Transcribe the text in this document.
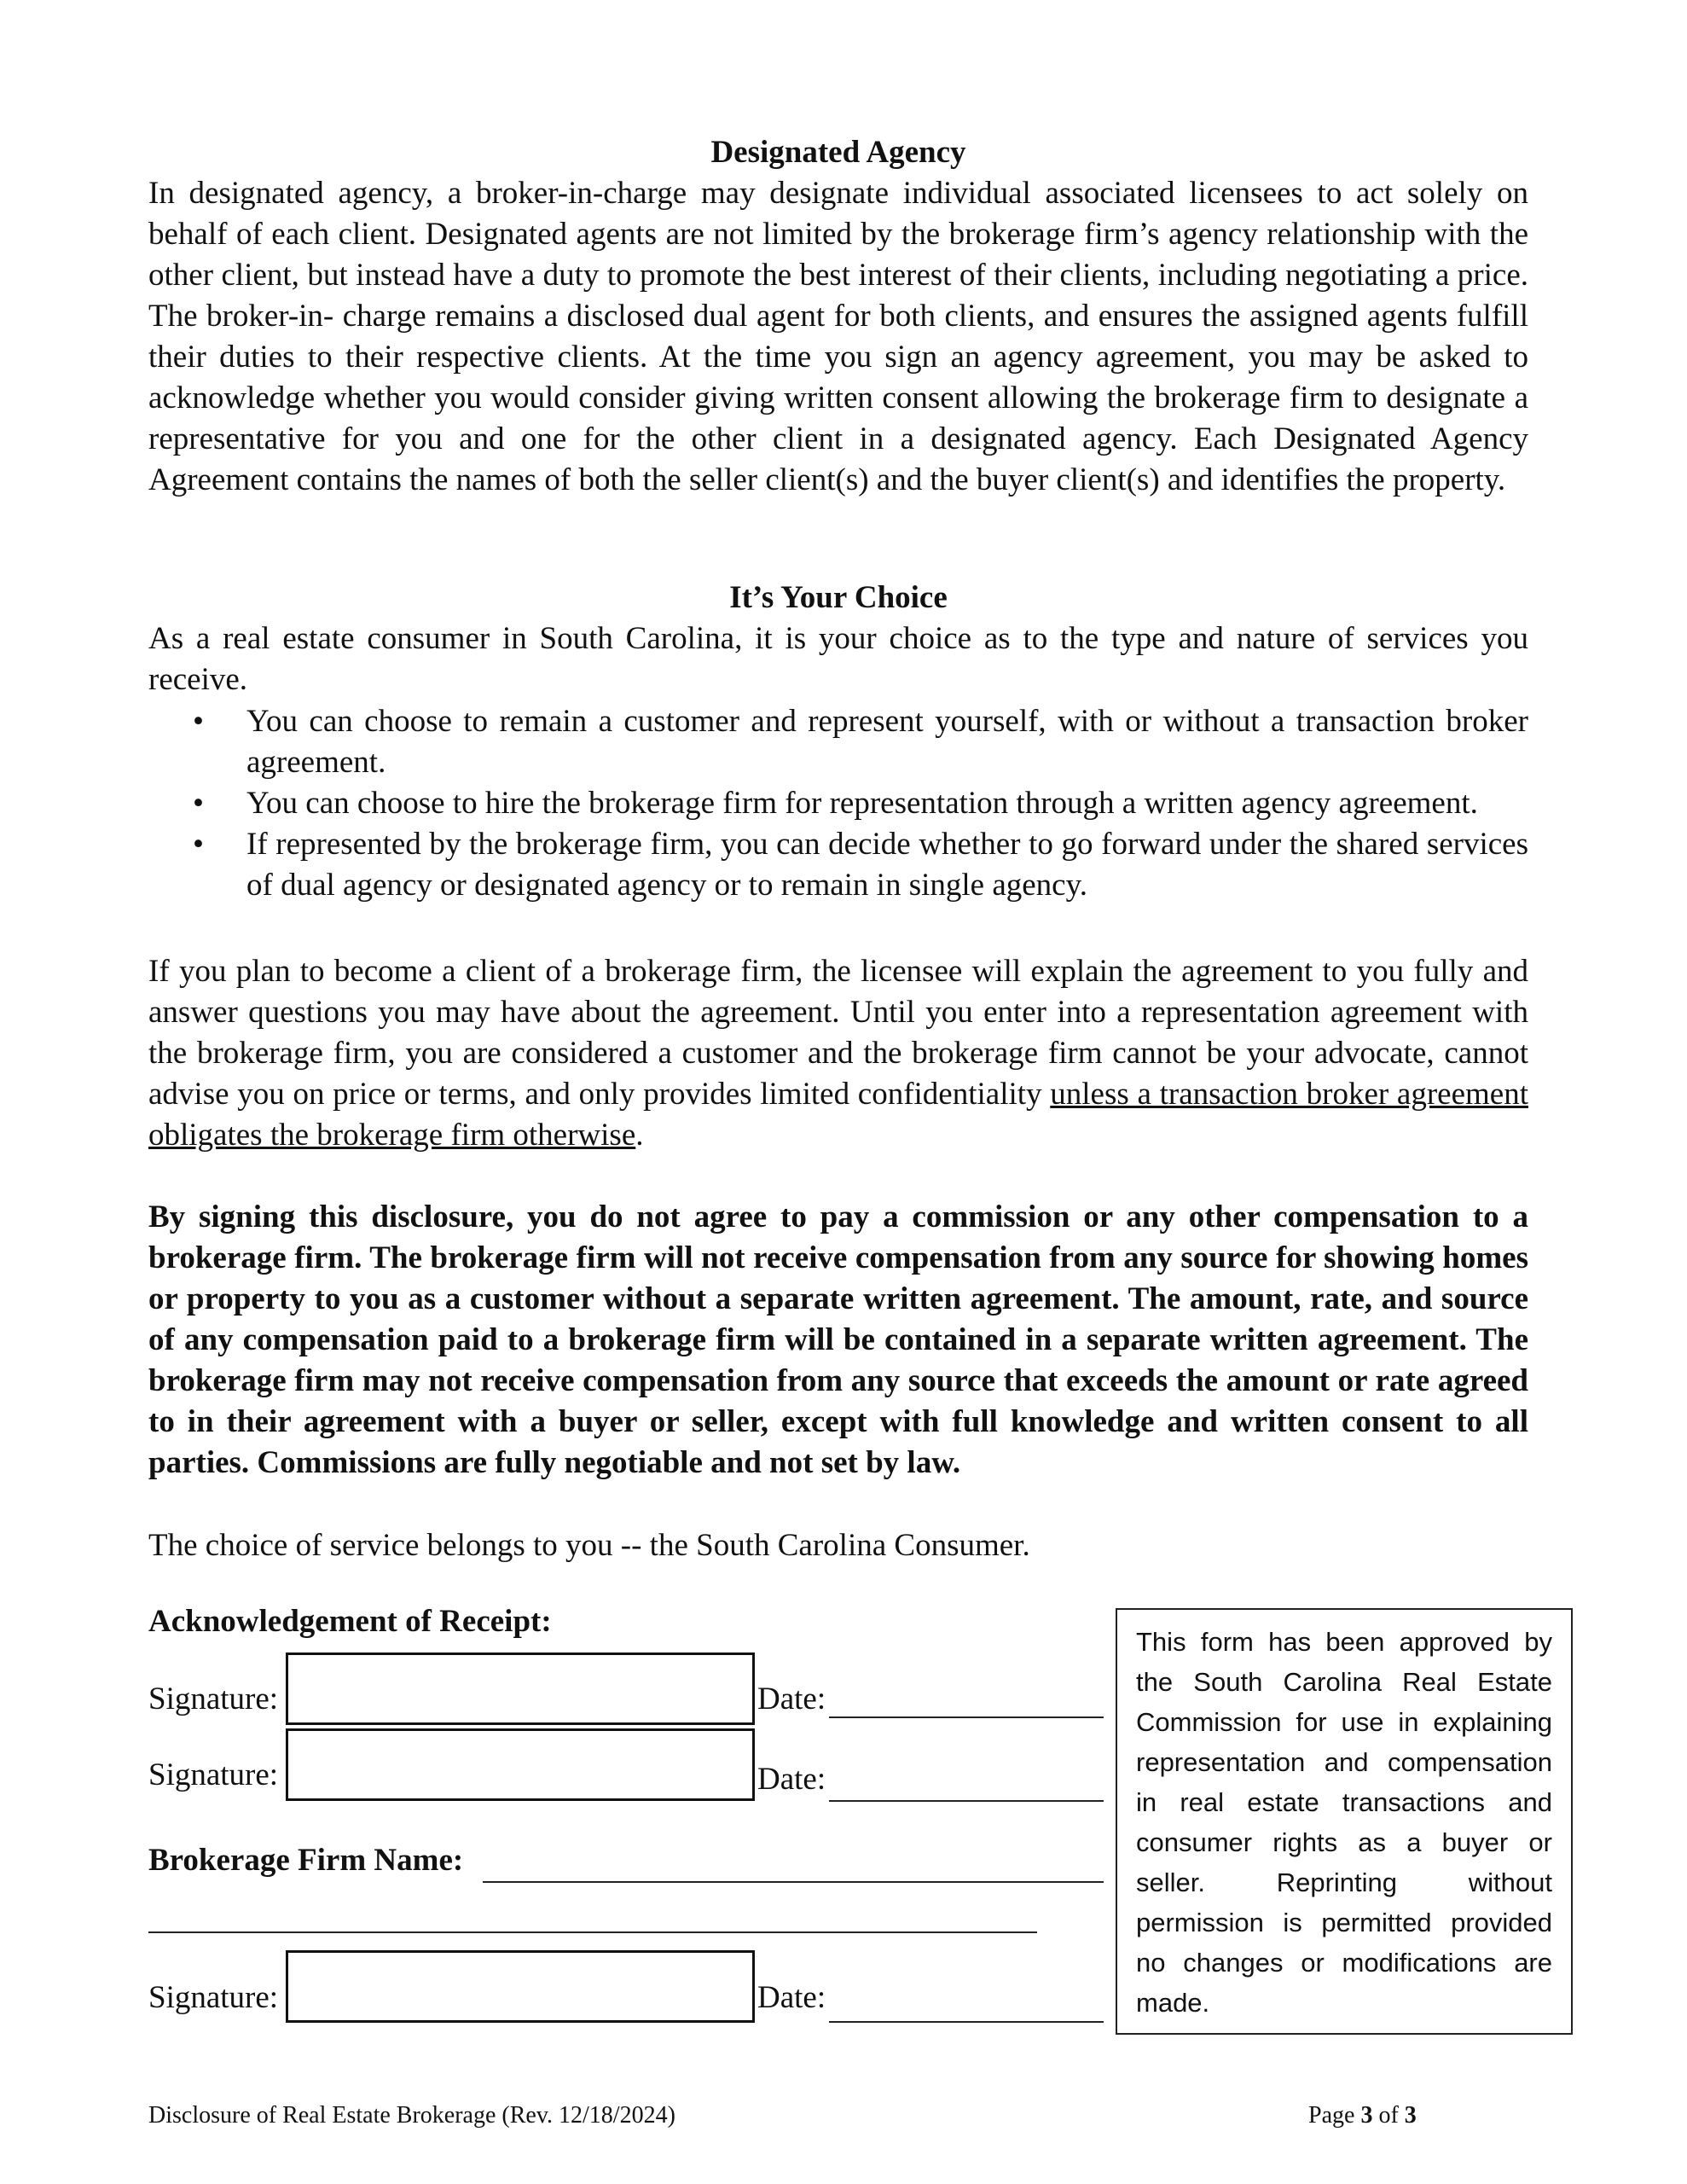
Designated Agency
In designated agency, a broker-in-charge may designate individual associated licensees to act solely on behalf of each client. Designated agents are not limited by the brokerage firm’s agency relationship with the other client, but instead have a duty to promote the best interest of their clients, including negotiating a price. The broker-in- charge remains a disclosed dual agent for both clients, and ensures the assigned agents fulfill their duties to their respective clients. At the time you sign an agency agreement, you may be asked to acknowledge whether you would consider giving written consent allowing the brokerage firm to designate a representative for you and one for the other client in a designated agency. Each Designated Agency Agreement contains the names of both the seller client(s) and the buyer client(s) and identifies the property.
It’s Your Choice
As a real estate consumer in South Carolina, it is your choice as to the type and nature of services you receive.
• You can choose to remain a customer and represent yourself, with or without a transaction broker agreement.
• You can choose to hire the brokerage firm for representation through a written agency agreement.
• If represented by the brokerage firm, you can decide whether to go forward under the shared services of dual agency or designated agency or to remain in single agency.
If you plan to become a client of a brokerage firm, the licensee will explain the agreement to you fully and answer questions you may have about the agreement. Until you enter into a representation agreement with the brokerage firm, you are considered a customer and the brokerage firm cannot be your advocate, cannot advise you on price or terms, and only provides limited confidentiality unless a transaction broker agreement obligates the brokerage firm otherwise.
By signing this disclosure, you do not agree to pay a commission or any other compensation to a brokerage firm. The brokerage firm will not receive compensation from any source for showing homes or property to you as a customer without a separate written agreement. The amount, rate, and source of any compensation paid to a brokerage firm will be contained in a separate written agreement. The brokerage firm may not receive compensation from any source that exceeds the amount or rate agreed to in their agreement with a buyer or seller, except with full knowledge and written consent to all parties. Commissions are fully negotiable and not set by law.
The choice of service belongs to you -- the South Carolina Consumer.
Acknowledgement of Receipt:
Signature:	Date:
Signature:	Date:
Brokerage Firm Name:
Signature:	Date:
This form has been approved by the South Carolina Real Estate Commission for use in explaining representation and compensation in real estate transactions and consumer rights as a buyer or seller. Reprinting without permission is permitted provided no changes or modifications are made.
Disclosure of Real Estate Brokerage (Rev. 12/18/2024)	Page 3 of 3
